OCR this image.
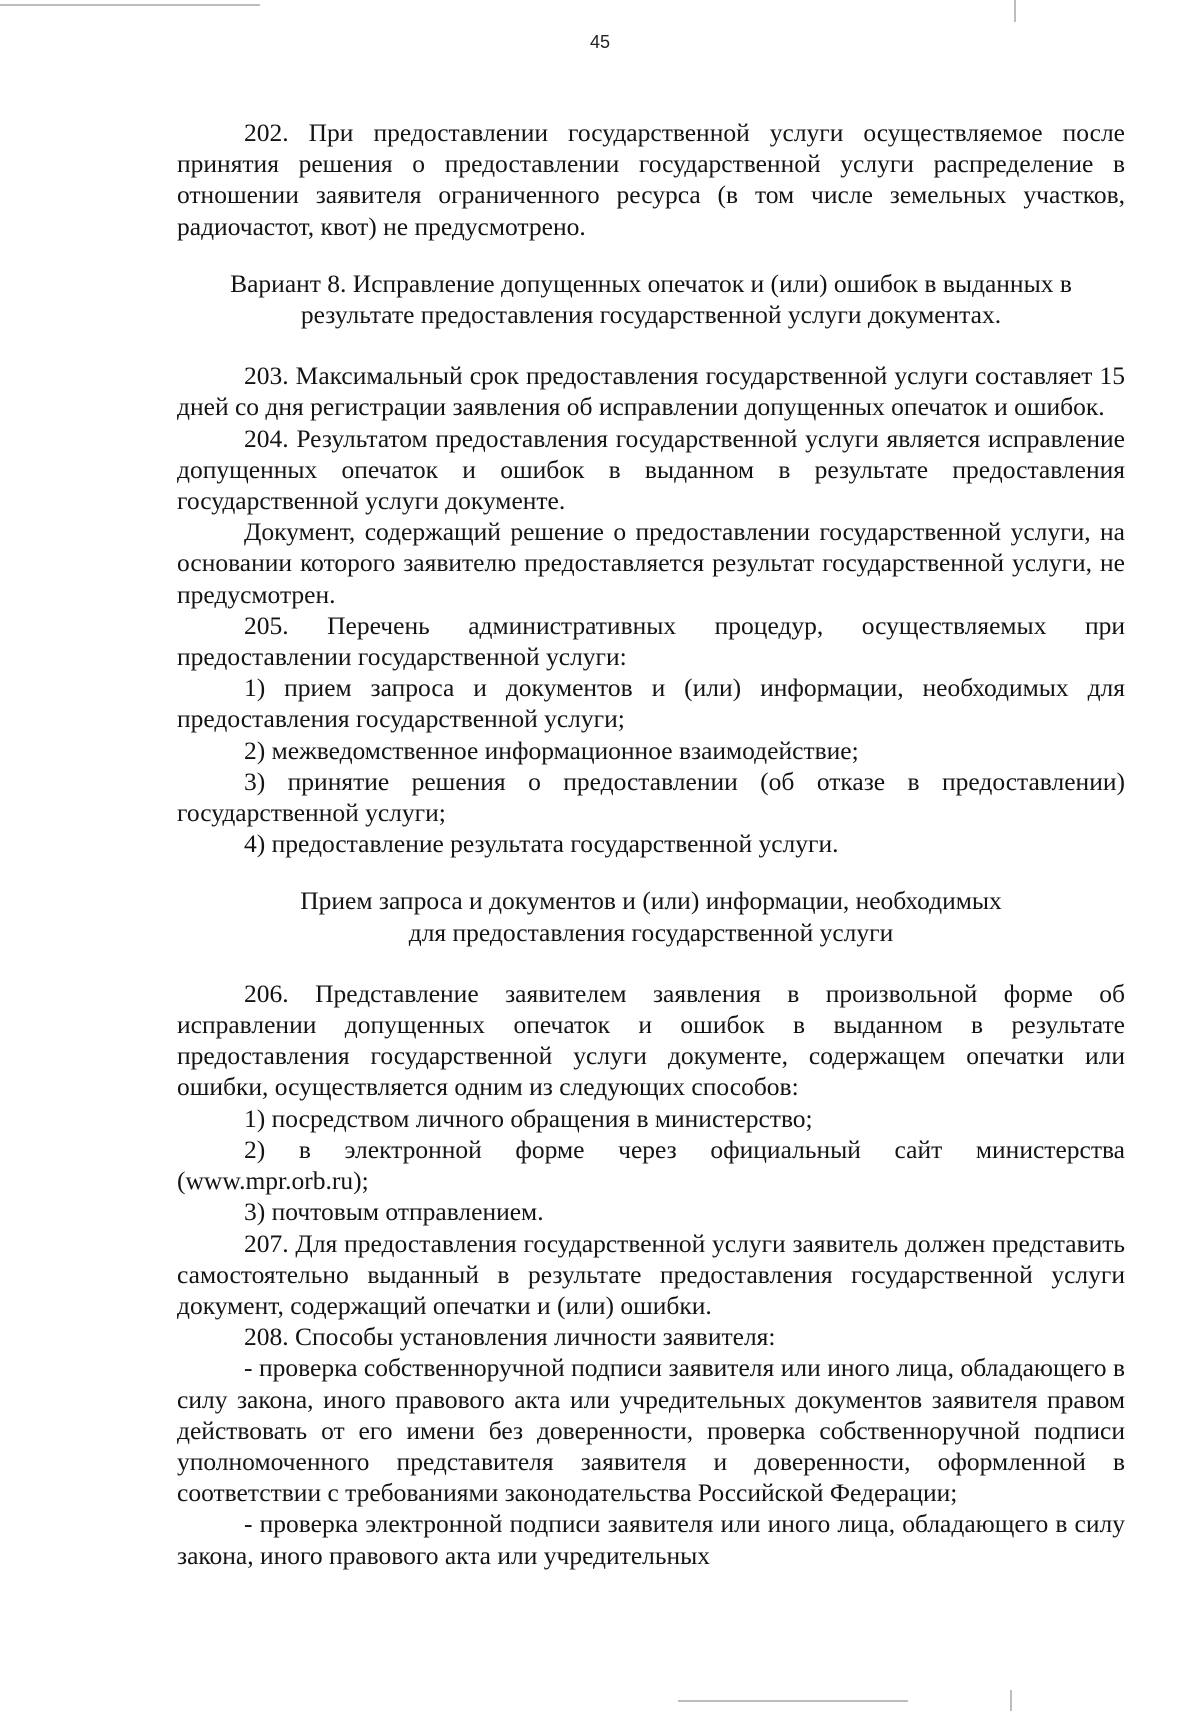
45

202. При предоставлении государственной услуги осуществляемое после принятия решения о предоставлении государственной услуги распределение в отношении заявителя ограниченного ресурса (в том числе земельных участков, радиочастот, квот) не предусмотрено.

Вариант 8. Исправление допущенных опечаток и (или) ошибок в выданных в
результате предоставления государственной услуги документах.

203. Максимальный срок предоставления государственной услуги составляет 15 дней со дня регистрации заявления об исправлении допущенных опечаток и ошибок.

204. Результатом предоставления государственной услуги является исправление допущенных опечаток и ошибок в выданном в результате предоставления государственной услуги документе.

Документ, содержащий решение о предоставлении государственной услуги, на основании которого заявителю предоставляется результат государственной услуги, не предусмотрен.

205. Перечень административных процедур, осуществляемых при предоставлении государственной услуги:

1) прием запроса и документов и (или) информации, необходимых для предоставления государственной услуги;

2) межведомственное информационное взаимодействие;

3) принятие решения о предоставлении (об отказе в предоставлении) государственной услуги;

4) предоставление результата государственной услуги.

Прием запроса и документов и (или) информации, необходимых
для предоставления государственной услуги

206. Представление заявителем заявления в произвольной форме об исправлении допущенных опечаток и ошибок в выданном в результате предоставления государственной услуги документе, содержащем опечатки или ошибки, осуществляется одним из следующих способов:

1) посредством личного обращения в министерство;

2) в электронной форме через официальный сайт министерства (www.mpr.orb.ru);

3) почтовым отправлением.

207. Для предоставления государственной услуги заявитель должен представить самостоятельно выданный в результате предоставления государственной услуги документ, содержащий опечатки и (или) ошибки.

208. Способы установления личности заявителя:

- проверка собственноручной подписи заявителя или иного лица, обладающего в силу закона, иного правового акта или учредительных документов заявителя правом действовать от его имени без доверенности, проверка собственноручной подписи уполномоченного представителя заявителя и доверенности, оформленной в соответствии с требованиями законодательства Российской Федерации;

- проверка электронной подписи заявителя или иного лица, обладающего в силу закона, иного правового акта или учредительных
